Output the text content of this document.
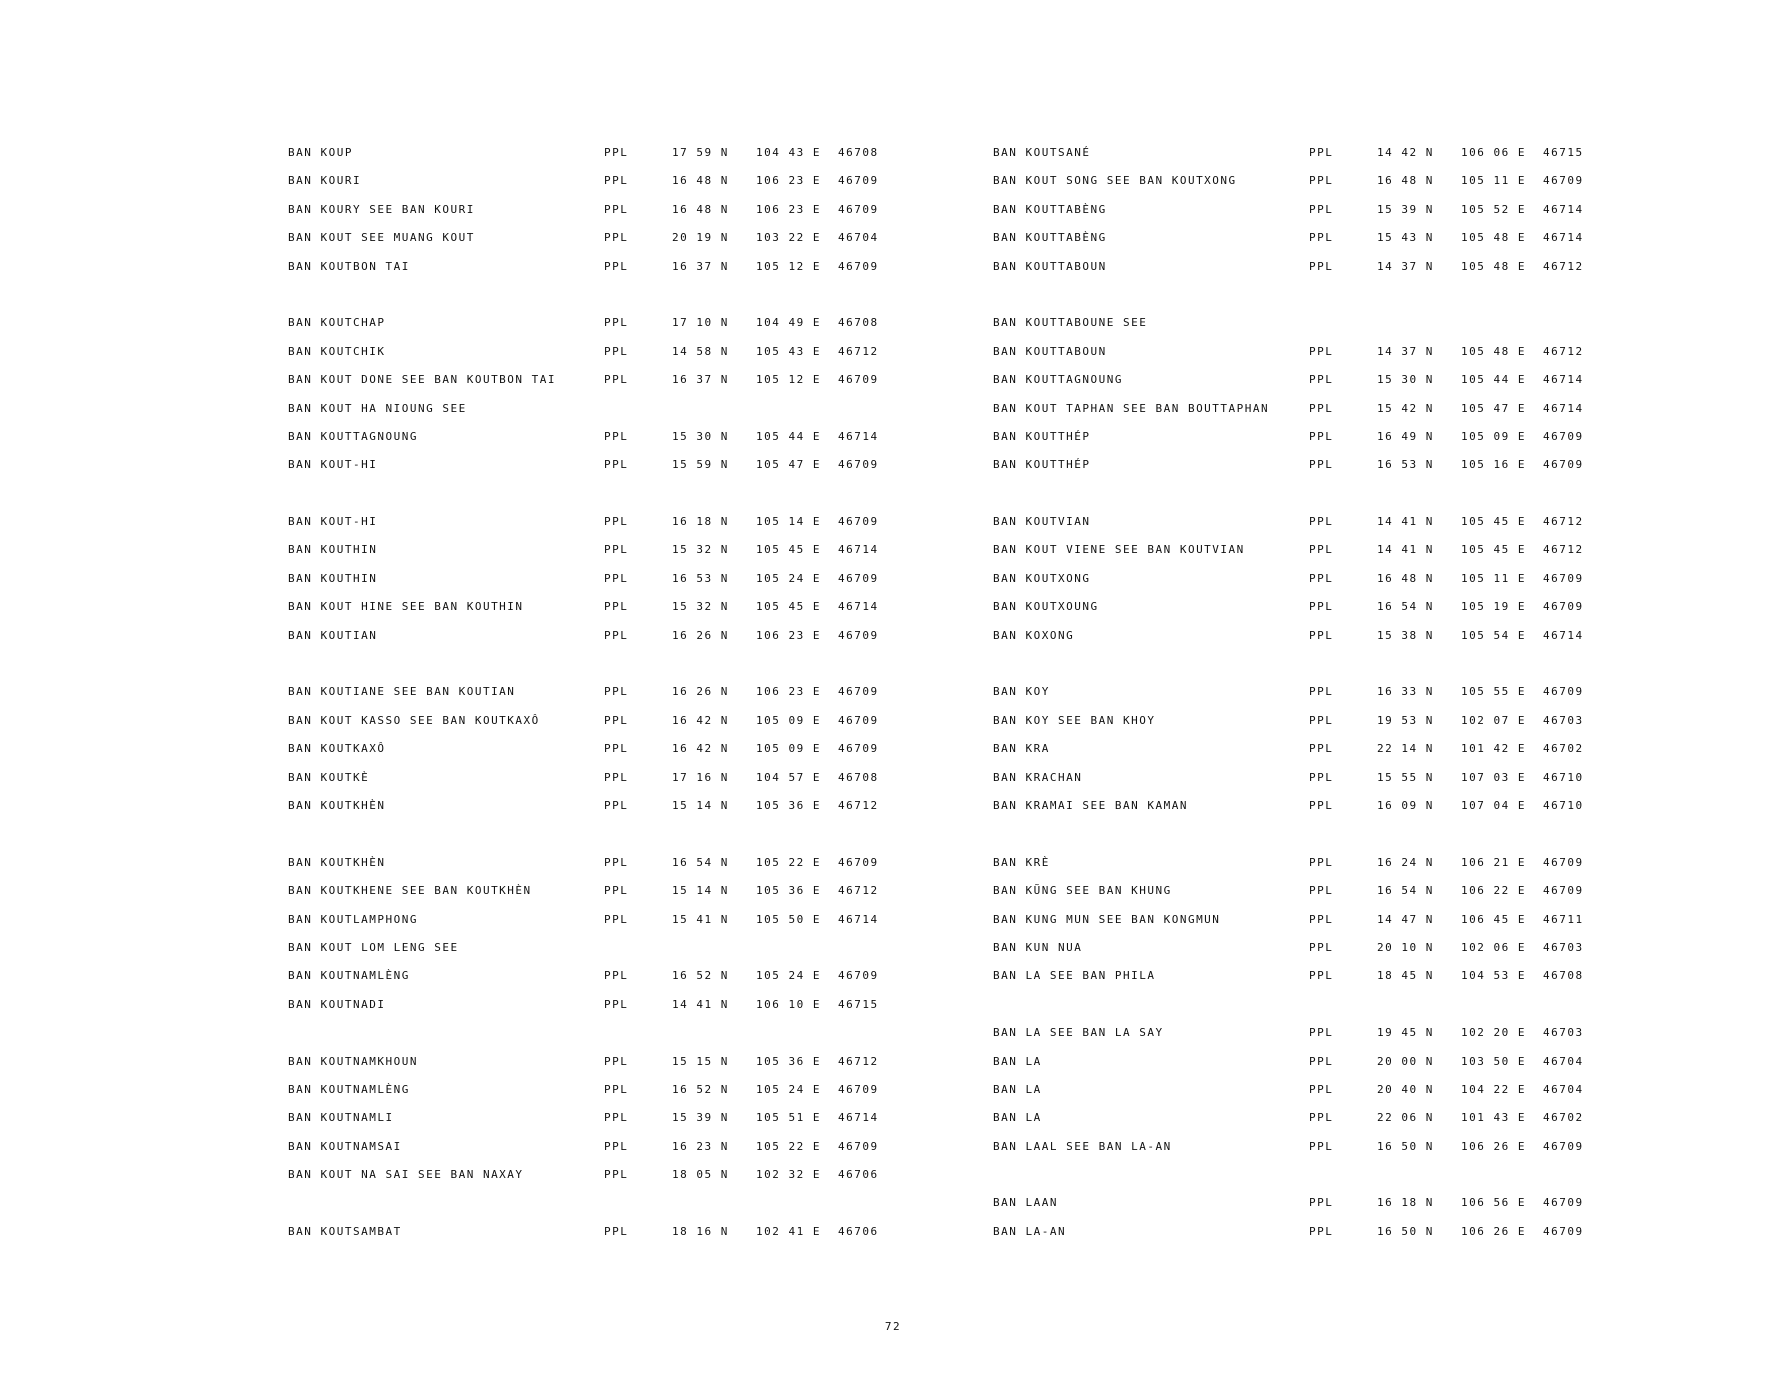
BAN KOUP	PPL	17 59 N 104 43 E 46708
BAN KOURI	PPL	16 48 N 106 23 E 46709
BAN KOURY SEE BAN KOURI	PPL	16 48 N 106 23 E 46709
BAN KOUT SEE MUANG KOUT	PPL	20 19 N 103 22 E 46704
BAN KOUTBON TAI	PPL	16 37 N 105 12 E 46709
BAN KOUTCHAP	PPL	17 10 N 104 49 E 46708
BAN KOUTCHIK	PPL	14 58 N 105 43 E 46712
BAN KOUT DONE SEE BAN KOUTBON TAI	PPL	16 37 N 105 12 E 46709
BAN KOUT HA NIOUNG SEE
BAN KOUTTAGNOUNG	PPL	15 30 N 105 44 E 46714
BAN KOUT-HI	PPL	15 59 N 105 47 E 46709
BAN KOUT-HI	PPL	16 18 N 105 14 E 46709
BAN KOUTHIN	PPL	15 32 N 105 45 E 46714
BAN KOUTHIN	PPL	16 53 N 105 24 E 46709
BAN KOUT HINE SEE BAN KOUTHIN	PPL	15 32 N 105 45 E 46714
BAN KOUTIAN	PPL	16 26 N 106 23 E 46709
BAN KOUTIANE SEE BAN KOUTIAN	PPL	16 26 N 106 23 E 46709
BAN KOUT KASSO SEE BAN KOUTKAXÔ	PPL	16 42 N 105 09 E 46709
BAN KOUTKAXÔ	PPL	16 42 N 105 09 E 46709
BAN KOUTKÈ	PPL	17 16 N 104 57 E 46708
BAN KOUTKHÈN	PPL	15 14 N 105 36 E 46712
BAN KOUTKHÈN	PPL	16 54 N 105 22 E 46709
BAN KOUTKHENE SEE BAN KOUTKHÈN	PPL	15 14 N 105 36 E 46712
BAN KOUTLAMPHONG	PPL	15 41 N 105 50 E 46714
BAN KOUT LOM LENG SEE
BAN KOUTNAMLÈNG	PPL	16 52 N 105 24 E 46709
BAN KOUTNADI	PPL	14 41 N 106 10 E 46715
BAN KOUTNAMKHOUN	PPL	15 15 N 105 36 E 46712
BAN KOUTNAMLÈNG	PPL	16 52 N 105 24 E 46709
BAN KOUTNAMLI	PPL	15 39 N 105 51 E 46714
BAN KOUTNAMSAI	PPL	16 23 N 105 22 E 46709
BAN KOUT NA SAI SEE BAN NAXAY	PPL	18 05 N 102 32 E 46706
BAN KOUTSAMBAT	PPL	18 16 N 102 41 E 46706
BAN KOUTSANÉ	PPL	14 42 N 106 06 E 46715
BAN KOUT SONG SEE BAN KOUTXONG	PPL	16 48 N 105 11 E 46709
BAN KOUTTABÈNG	PPL	15 39 N 105 52 E 46714
BAN KOUTTABÈNG	PPL	15 43 N 105 48 E 46714
BAN KOUTTABOUN	PPL	14 37 N 105 48 E 46712
BAN KOUTTABOUNE SEE
BAN KOUTTABOUN	PPL	14 37 N 105 48 E 46712
BAN KOUTTAGNOUNG	PPL	15 30 N 105 44 E 46714
BAN KOUT TAPHAN SEE BAN BOUTTAPHAN	PPL	15 42 N 105 47 E 46714
BAN KOUTTHÉP	PPL	16 49 N 105 09 E 46709
BAN KOUTTHÉP	PPL	16 53 N 105 16 E 46709
BAN KOUTVIAN	PPL	14 41 N 105 45 E 46712
BAN KOUT VIENE SEE BAN KOUTVIAN	PPL	14 41 N 105 45 E 46712
BAN KOUTXONG	PPL	16 48 N 105 11 E 46709
BAN KOUTXOUNG	PPL	16 54 N 105 19 E 46709
BAN KOXONG	PPL	15 38 N 105 54 E 46714
BAN KOY	PPL	16 33 N 105 55 E 46709
BAN KOY SEE BAN KHOY	PPL	19 53 N 102 07 E 46703
BAN KRA	PPL	22 14 N 101 42 E 46702
BAN KRACHAN	PPL	15 55 N 107 03 E 46710
BAN KRAMAI SEE BAN KAMAN	PPL	16 09 N 107 04 E 46710
BAN KRÈ	PPL	16 24 N 106 21 E 46709
BAN KŨNG SEE BAN KHUNG	PPL	16 54 N 106 22 E 46709
BAN KUNG MUN SEE BAN KONGMUN	PPL	14 47 N 106 45 E 46711
BAN KUN NUA	PPL	20 10 N 102 06 E 46703
BAN LA SEE BAN PHILA	PPL	18 45 N 104 53 E 46708
BAN LA SEE BAN LA SAY	PPL	19 45 N 102 20 E 46703
BAN LA	PPL	20 00 N 103 50 E 46704
BAN LA	PPL	20 40 N 104 22 E 46704
BAN LA	PPL	22 06 N 101 43 E 46702
BAN LAAL SEE BAN LA-AN	PPL	16 50 N 106 26 E 46709
BAN LAAN	PPL	16 18 N 106 56 E 46709
BAN LA-AN	PPL	16 50 N 106 26 E 46709
72
